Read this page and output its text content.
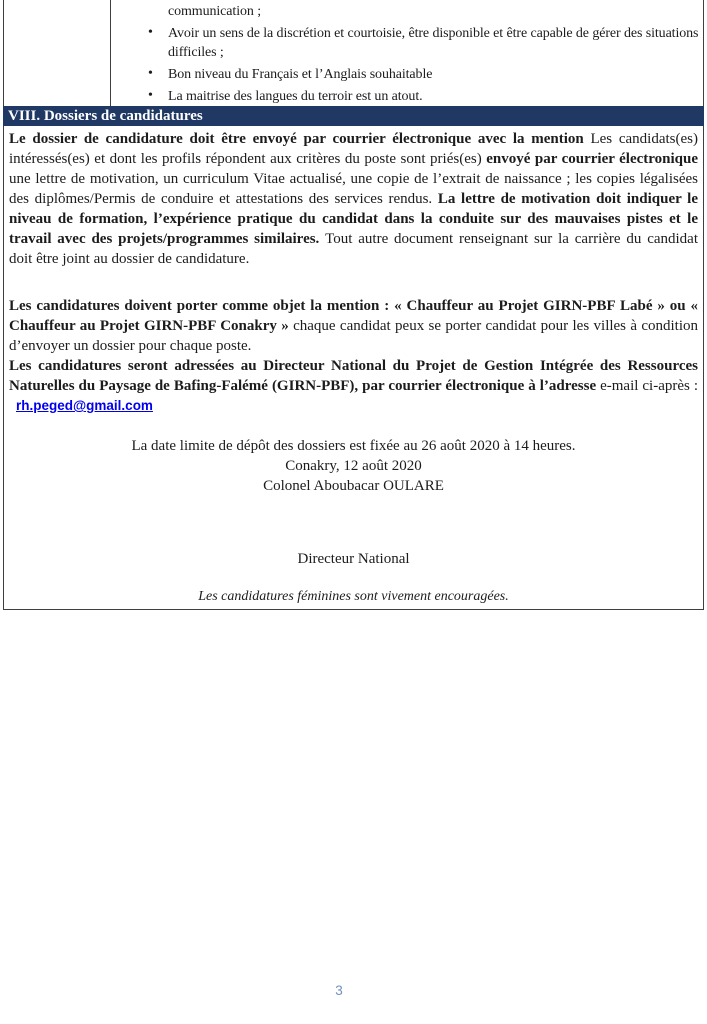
communication ;
• Avoir un sens de la discrétion et courtoisie, être disponible et être capable de gérer des situations difficiles ;
• Bon niveau du Français et l’Anglais souhaitable
• La maitrise des langues du terroir est un atout.
VIII. Dossiers de candidatures

Le dossier de candidature doit être envoyé par courrier électronique avec la mention Les candidats(es) intéressés(es) et dont les profils répondent aux critères du poste sont priés(es) envoyé par courrier électronique une lettre de motivation, un curriculum Vitae actualisé, une copie de l’extrait de naissance ; les copies légalisées des diplômes/Permis de conduire et attestations des services rendus. La lettre de motivation doit indiquer le niveau de formation, l’expérience pratique du candidat dans la conduite sur des mauvaises pistes et le travail avec des projets/programmes similaires. Tout autre document renseignant sur la carrière du candidat doit être joint au dossier de candidature.

Les candidatures doivent porter comme objet la mention : « Chauffeur au Projet GIRN-PBF Labé » ou « Chauffeur au Projet GIRN-PBF Conakry » chaque candidat peux se porter candidat pour les villes à condition d’envoyer un dossier pour chaque poste.

Les candidatures seront adressées au Directeur National du Projet de Gestion Intégrée des Ressources Naturelles du Paysage de Bafing-Falémé (GIRN-PBF), par courrier électronique à l’adresse e-mail ci-après : rh.peged@gmail.com

La date limite de dépôt des dossiers est fixée au 26 août 2020 à 14 heures.
Conakry, 12 août 2020
Colonel Aboubacar OULARE
Directeur National
Les candidatures féminines sont vivement encouragées.
3
